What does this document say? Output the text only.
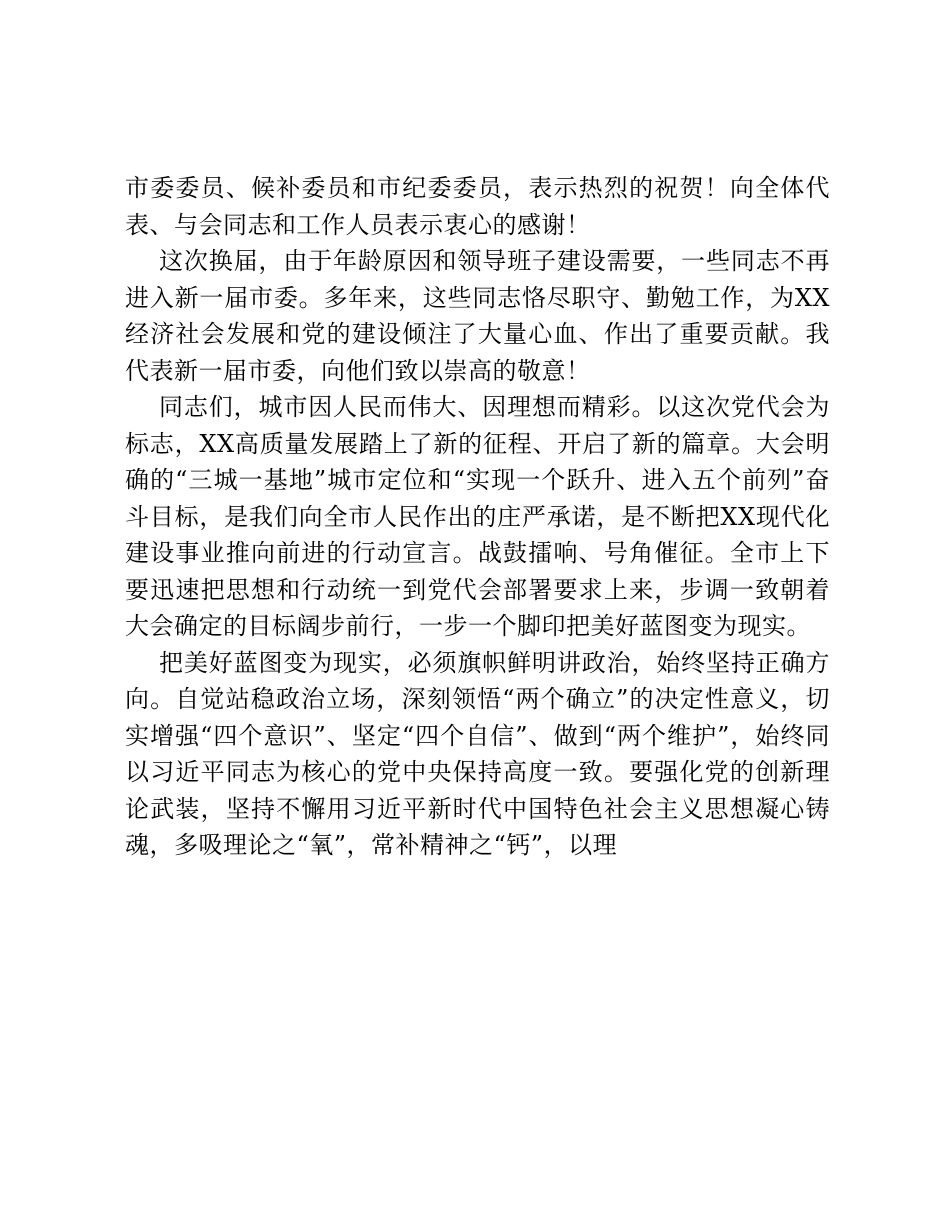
市委委员、候补委员和市纪委委员，表示热烈的祝贺！向全体代表、与会同志和工作人员表示衷心的感谢！

这次换届，由于年龄原因和领导班子建设需要，一些同志不再进入新一届市委。多年来，这些同志恪尽职守、勤勉工作，为XX经济社会发展和党的建设倾注了大量心血、作出了重要贡献。我代表新一届市委，向他们致以崇高的敬意！

同志们，城市因人民而伟大、因理想而精彩。以这次党代会为标志，XX高质量发展踏上了新的征程、开启了新的篇章。大会明确的“三城一基地”城市定位和“实现一个跃升、进入五个前列”奋斗目标，是我们向全市人民作出的庄严承诺，是不断把XX现代化建设事业推向前进的行动宣言。战鼓擂响、号角催征。全市上下要迅速把思想和行动统一到党代会部署要求上来，步调一致朝着大会确定的目标阔步前行，一步一个脚印把美好蓝图变为现实。

把美好蓝图变为现实，必须旗帜鲜明讲政治，始终坚持正确方向。自觉站稳政治立场，深刻领悟“两个确立”的决定性意义，切实增强“四个意识”、坚定“四个自信”、做到“两个维护”，始终同以习近平同志为核心的党中央保持高度一致。要强化党的创新理论武装，坚持不懈用习近平新时代中国特色社会主义思想凝心铸魂，多吸理论之“氧”，常补精神之“钙”，以理
